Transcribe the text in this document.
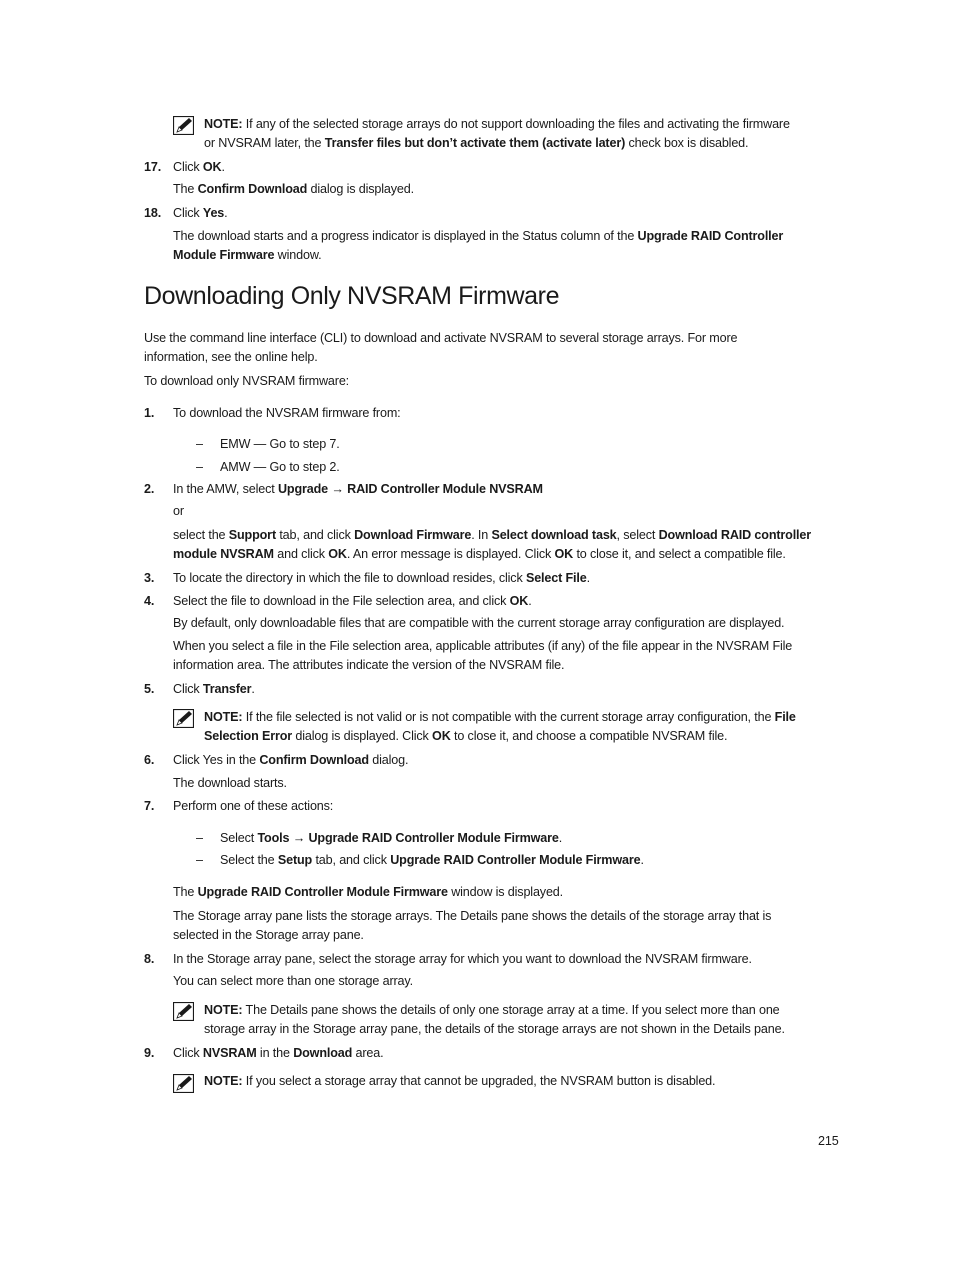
NOTE: If any of the selected storage arrays do not support downloading the files and activating the firmware
or NVSRAM later, the Transfer files but don’t activate them (activate later) check box is disabled.
17. Click OK.
The Confirm Download dialog is displayed.
18. Click Yes.
The download starts and a progress indicator is displayed in the Status column of the Upgrade RAID Controller
Module Firmware window.
Downloading Only NVSRAM Firmware
Use the command line interface (CLI) to download and activate NVSRAM to several storage arrays. For more
information, see the online help.
To download only NVSRAM firmware:
1. To download the NVSRAM firmware from:
– EMW — Go to step 7.
– AMW — Go to step 2.
2. In the AMW, select Upgrade → RAID Controller Module NVSRAM
or
select the Support tab, and click Download Firmware. In Select download task, select Download RAID controller
module NVSRAM and click OK. An error message is displayed. Click OK to close it, and select a compatible file.
3. To locate the directory in which the file to download resides, click Select File.
4. Select the file to download in the File selection area, and click OK.
By default, only downloadable files that are compatible with the current storage array configuration are displayed.
When you select a file in the File selection area, applicable attributes (if any) of the file appear in the NVSRAM File
information area. The attributes indicate the version of the NVSRAM file.
5. Click Transfer.
NOTE: If the file selected is not valid or is not compatible with the current storage array configuration, the File
Selection Error dialog is displayed. Click OK to close it, and choose a compatible NVSRAM file.
6. Click Yes in the Confirm Download dialog.
The download starts.
7. Perform one of these actions:
– Select Tools → Upgrade RAID Controller Module Firmware.
– Select the Setup tab, and click Upgrade RAID Controller Module Firmware.
The Upgrade RAID Controller Module Firmware window is displayed.
The Storage array pane lists the storage arrays. The Details pane shows the details of the storage array that is
selected in the Storage array pane.
8. In the Storage array pane, select the storage array for which you want to download the NVSRAM firmware.
You can select more than one storage array.
NOTE: The Details pane shows the details of only one storage array at a time. If you select more than one
storage array in the Storage array pane, the details of the storage arrays are not shown in the Details pane.
9. Click NVSRAM in the Download area.
NOTE: If you select a storage array that cannot be upgraded, the NVSRAM button is disabled.
215
